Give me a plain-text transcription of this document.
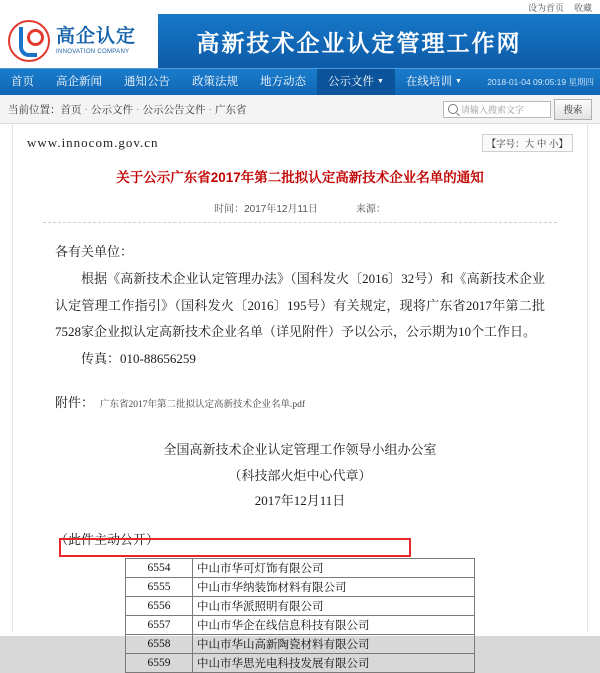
设为首页 收藏
高企认定
INNOVATION COMPANY	高新技术企业认定管理工作网
首页	高企新闻	通知公告	政策法规	地方动态	公示文件 ▼	在线培训 ▼	2018-01-04 09:05:19 星期四
当前位置： 首页 · 公示文件 · 公示公告文件 · 广东省	请输入搜索文字	搜索
www.innocom.gov.cn	【字号：大 中 小】
关于公示广东省2017年第二批拟认定高新技术企业名单的通知
时间：2017年12月11日	来源：

各有关单位：

根据《高新技术企业认定管理办法》（国科发火〔2016〕32号）和《高新技术企业认定管理工作指引》（国科发火〔2016〕195号）有关规定，现将广东省2017年第二批7528家企业拟认定高新技术企业名单（详见附件）予以公示，公示期为10个工作日。

传真：010-88656259

附件： 广东省2017年第二批拟认定高新技术企业名单.pdf
全国高新技术企业认定管理工作领导小组办公室
（科技部火炬中心代章）
2017年12月11日
（此件主动公开）
6554	中山市华可灯饰有限公司
6555	中山市华纳装饰材料有限公司
6556	中山市华派照明有限公司
6557	中山市华企在线信息科技有限公司
6558	中山市华山高新陶瓷材料有限公司
6559	中山市华思光电科技发展有限公司
